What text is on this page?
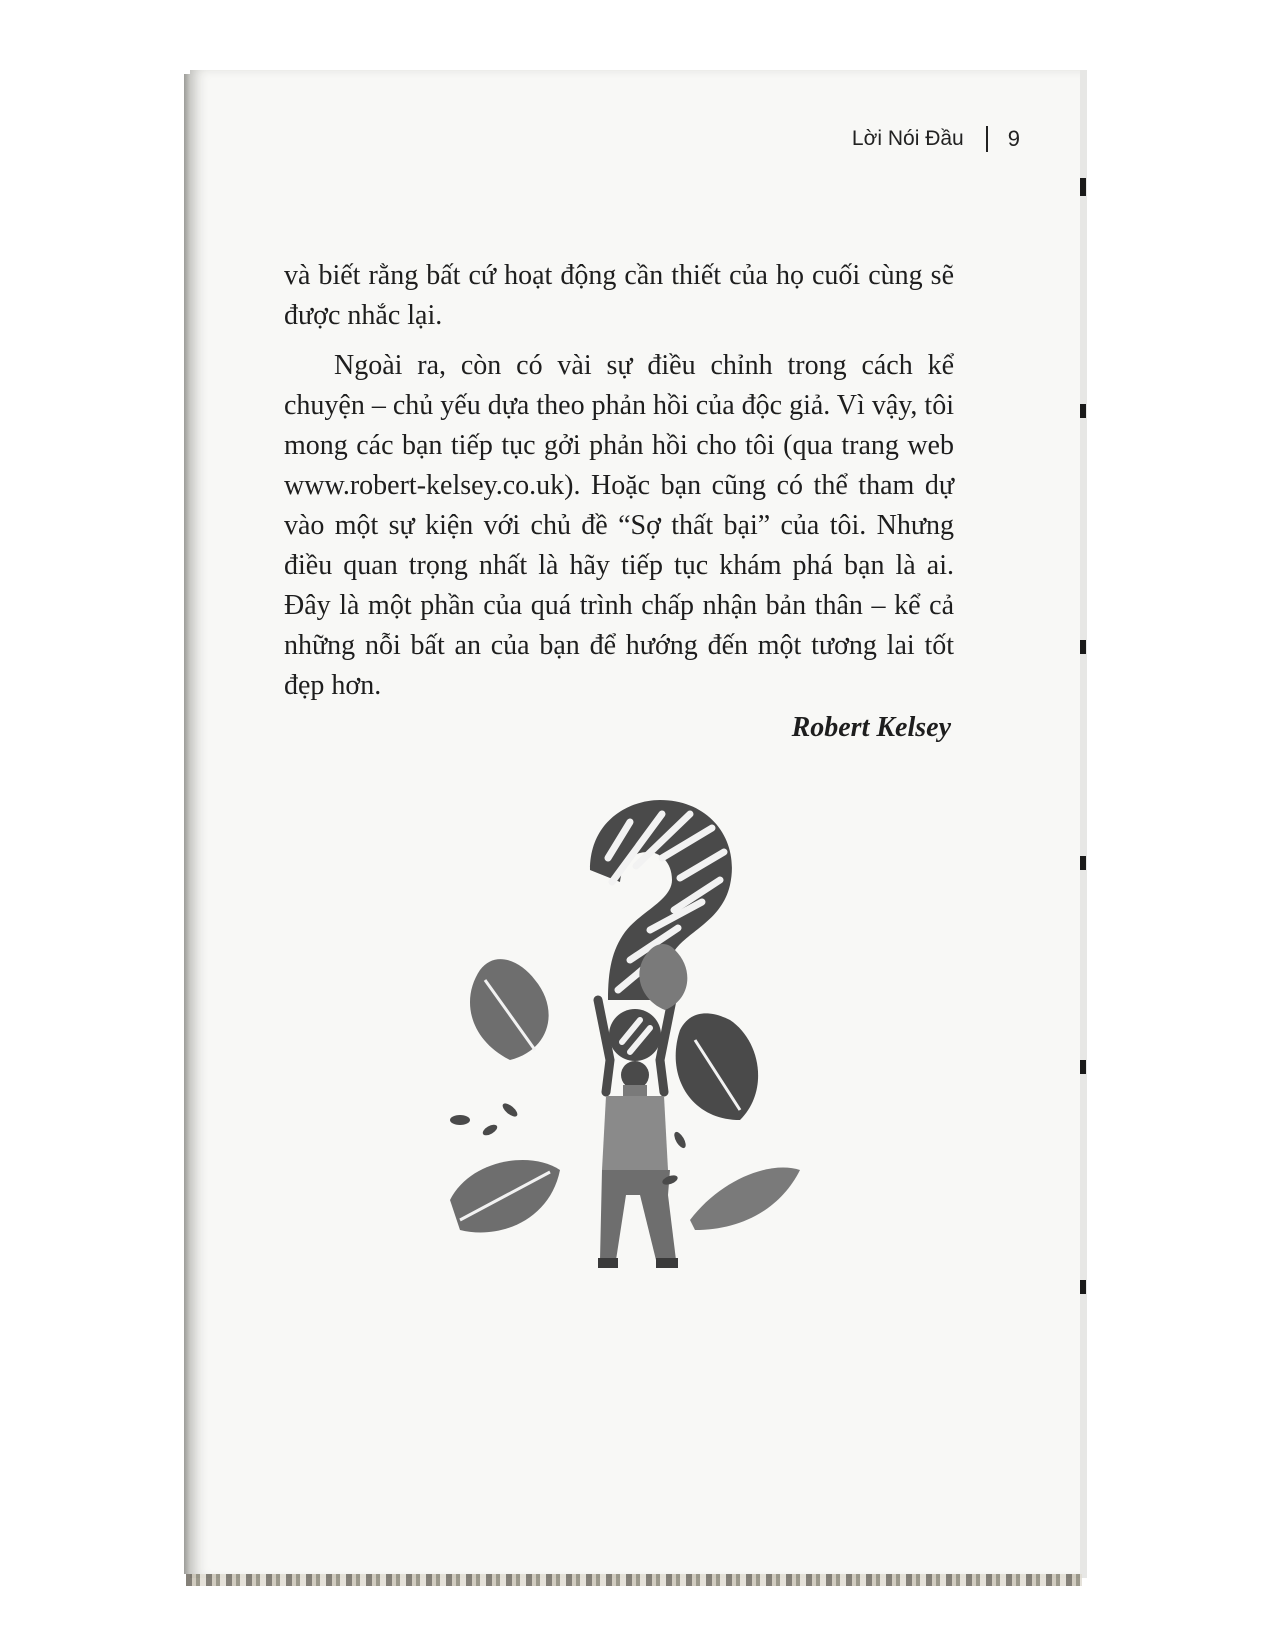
Lời Nói Đầu 9

và biết rằng bất cứ hoạt động cần thiết của họ cuối cùng sẽ được nhắc lại.

Ngoài ra, còn có vài sự điều chỉnh trong cách kể chuyện – chủ yếu dựa theo phản hồi của độc giả. Vì vậy, tôi mong các bạn tiếp tục gởi phản hồi cho tôi (qua trang web www.robert-kelsey.co.uk). Hoặc bạn cũng có thể tham dự vào một sự kiện với chủ đề “Sợ thất bại” của tôi. Nhưng điều quan trọng nhất là hãy tiếp tục khám phá bạn là ai. Đây là một phần của quá trình chấp nhận bản thân – kể cả những nỗi bất an của bạn để hướng đến một tương lai tốt đẹp hơn.

Robert Kelsey
